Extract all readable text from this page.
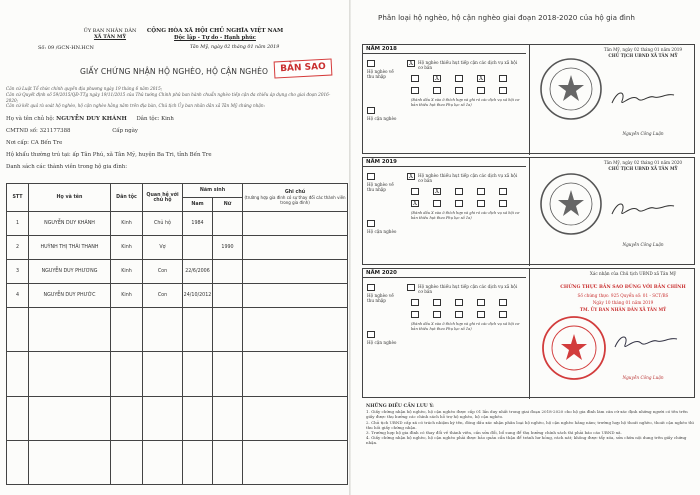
ỦY BAN NHÂN DÂN
XÃ TÂN MỸ
Số: 09 /GCN-HN.HCN
CỘNG HÒA XÃ HỘI CHỦ NGHĨA VIỆT NAM
Độc lập - Tự do - Hạnh phúc
Tân Mỹ, ngày 02 tháng 01 năm 2019
GIẤY CHỨNG NHẬN HỘ NGHÈO, HỘ CẬN NGHÈO	BẢN SAO
Căn cứ Luật Tổ chức chính quyền địa phương ngày 19 tháng 6 năm 2015;
Căn cứ Quyết định số 59/2015/QĐ-TTg ngày 19/11/2015 của Thủ tướng Chính phủ ban hành chuẩn nghèo tiếp cận đa chiều áp dụng cho giai đoạn 2016-2020;
Căn cứ kết quả rà soát hộ nghèo, hộ cận nghèo hằng năm trên địa bàn, Chủ tịch Ủy ban nhân dân xã Tân Mỹ chứng nhận:
Họ và tên chủ hộ: NGUYỄN DUY KHÁNH Dân tộc: Kinh
CMTND số: 321177388	Cấp ngày
Nơi cấp: CA Bến Tre
Hộ khẩu thường trú tại: ấp Tân Phú, xã Tân Mỹ, huyện Ba Tri, tỉnh Bến Tre
Danh sách các thành viên trong hộ gia đình:
STT	Họ và tên	Dân tộc	Quan hệ với chủ hộ	Năm sinh		Ghi chú
(trường hợp gia đình có sự thay đổi các thành viên trong gia đình)

				Nam	Nữ	
1	NGUYỄN DUY KHÁNH	Kinh	Chủ hộ	1984		
2	HUỲNH THỊ THÁI THANH	Kinh	Vợ		1990	
3	NGUYỄN DUY PHƯƠNG	Kinh	Con	22/6/2006		
4	NGUYỄN DUY PHƯỚC	Kinh	Con	24/10/2012		

Phân loại hộ nghèo, hộ cận nghèo giai đoạn 2018-2020 của hộ gia đình
NĂM 2018
Hộ nghèo về thu nhập
X	Hộ nghèo thiếu hụt tiếp cận các dịch vụ xã hội cơ bản
X	X
(Đánh dấu X vào ô thích hợp và ghi rõ các dịch vụ xã hội cơ bản thiếu hụt theo Phụ lục số 1a)
Hộ cận nghèo
Tân Mỹ, ngày 02 tháng 01 năm 2019
CHỦ TỊCH UBND XÃ TÂN MỸ
Nguyễn Công Luận
NĂM 2019
Hộ nghèo về thu nhập
X	Hộ nghèo thiếu hụt tiếp cận các dịch vụ xã hội cơ bản
X
X
(Đánh dấu X vào ô thích hợp và ghi rõ các dịch vụ xã hội cơ bản thiếu hụt theo Phụ lục số 1a)
Hộ cận nghèo
Tân Mỹ, ngày 02 tháng 01 năm 2020
CHỦ TỊCH UBND XÃ TÂN MỸ
Nguyễn Công Luận
NĂM 2020
Hộ nghèo về thu nhập
Hộ nghèo thiếu hụt tiếp cận các dịch vụ xã hội cơ bản
(Đánh dấu X vào ô thích hợp và ghi rõ các dịch vụ xã hội cơ bản thiếu hụt theo Phụ lục số 1a)
Hộ cận nghèo
Xác nhận của Chủ tịch UBND xã Tân Mỹ
CHỨNG THỰC BẢN SAO ĐÚNG VỚI BẢN CHÍNH
Số chứng thực: 925 Quyển số: 01 - SCT/BS
Ngày 10 tháng 01 năm 2019
TM. ỦY BAN NHÂN DÂN XÃ TÂN MỸ
Nguyễn Công Luận
NHỮNG ĐIỀU CẦN LƯU Ý:
1. Giấy chứng nhận hộ nghèo, hộ cận nghèo được cấp 01 lần duy nhất trong giai đoạn 2018-2020 cho hộ gia đình làm căn cứ xác định những người có tên trên giấy được thụ hưởng các chính sách hỗ trợ hộ nghèo, hộ cận nghèo.
2. Chủ tịch UBND cấp xã có trách nhiệm ký tên, đóng dấu xác nhận phân loại hộ nghèo, hộ cận nghèo hằng năm; trường hợp hộ thoát nghèo, thoát cận nghèo thì thu hồi giấy chứng nhận.
3. Trường hợp hộ gia đình có thay đổi về thành viên, cần sửa đổi, bổ sung để thụ hưởng chính sách thì phải báo cáo UBND xã.
4. Giấy chứng nhận hộ nghèo, hộ cận nghèo phải được bảo quản cẩn thận để tránh hư hỏng, rách nát; không được tẩy xóa, sửa chữa nội dung trên giấy chứng nhận.
